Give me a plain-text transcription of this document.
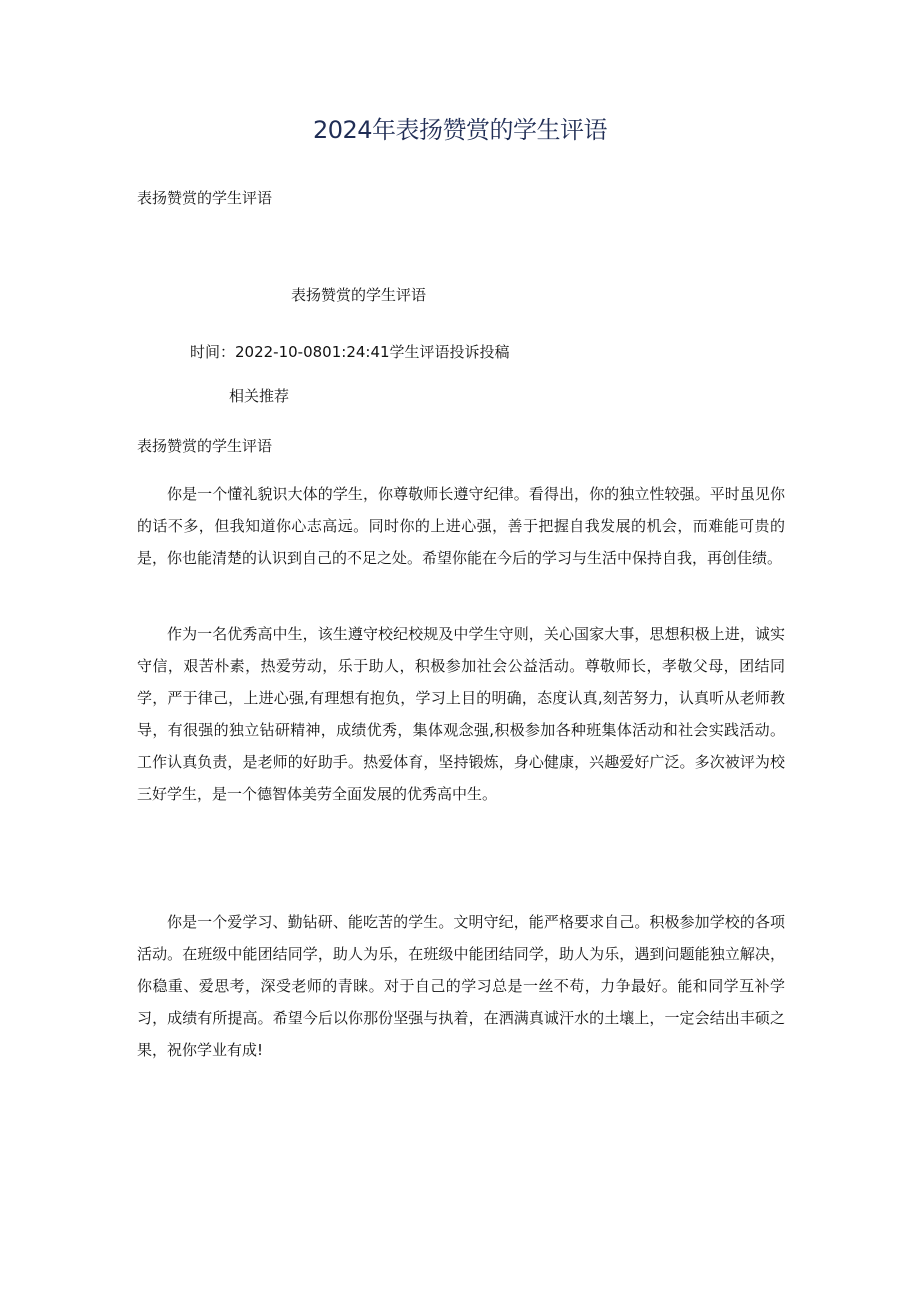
2024年表扬赞赏的学生评语
表扬赞赏的学生评语
表扬赞赏的学生评语
时间：2022-10-0801:24:41学生评语投诉投稿
相关推荐
表扬赞赏的学生评语

你是一个懂礼貌识大体的学生，你尊敬师长遵守纪律。看得出，你的独立性较强。平时虽见你的话不多，但我知道你心志高远。同时你的上进心强，善于把握自我发展的机会，而难能可贵的是，你也能清楚的认识到自己的不足之处。希望你能在今后的学习与生活中保持自我，再创佳绩。

作为一名优秀高中生，该生遵守校纪校规及中学生守则，关心国家大事，思想积极上进，诚实守信，艰苦朴素，热爱劳动，乐于助人，积极参加社会公益活动。尊敬师长，孝敬父母，团结同学，严于律己，上进心强,有理想有抱负，学习上目的明确，态度认真,刻苦努力，认真听从老师教导，有很强的独立钻研精神，成绩优秀，集体观念强,积极参加各种班集体活动和社会实践活动。工作认真负责，是老师的好助手。热爱体育，坚持锻炼，身心健康，兴趣爱好广泛。多次被评为校三好学生，是一个德智体美劳全面发展的优秀高中生。

你是一个爱学习、勤钻研、能吃苦的学生。文明守纪，能严格要求自己。积极参加学校的各项活动。在班级中能团结同学，助人为乐，在班级中能团结同学，助人为乐，遇到问题能独立解决，你稳重、爱思考，深受老师的青睐。对于自己的学习总是一丝不苟，力争最好。能和同学互补学习，成绩有所提高。希望今后以你那份坚强与执着，在洒满真诚汗水的土壤上，一定会结出丰硕之果，祝你学业有成!
